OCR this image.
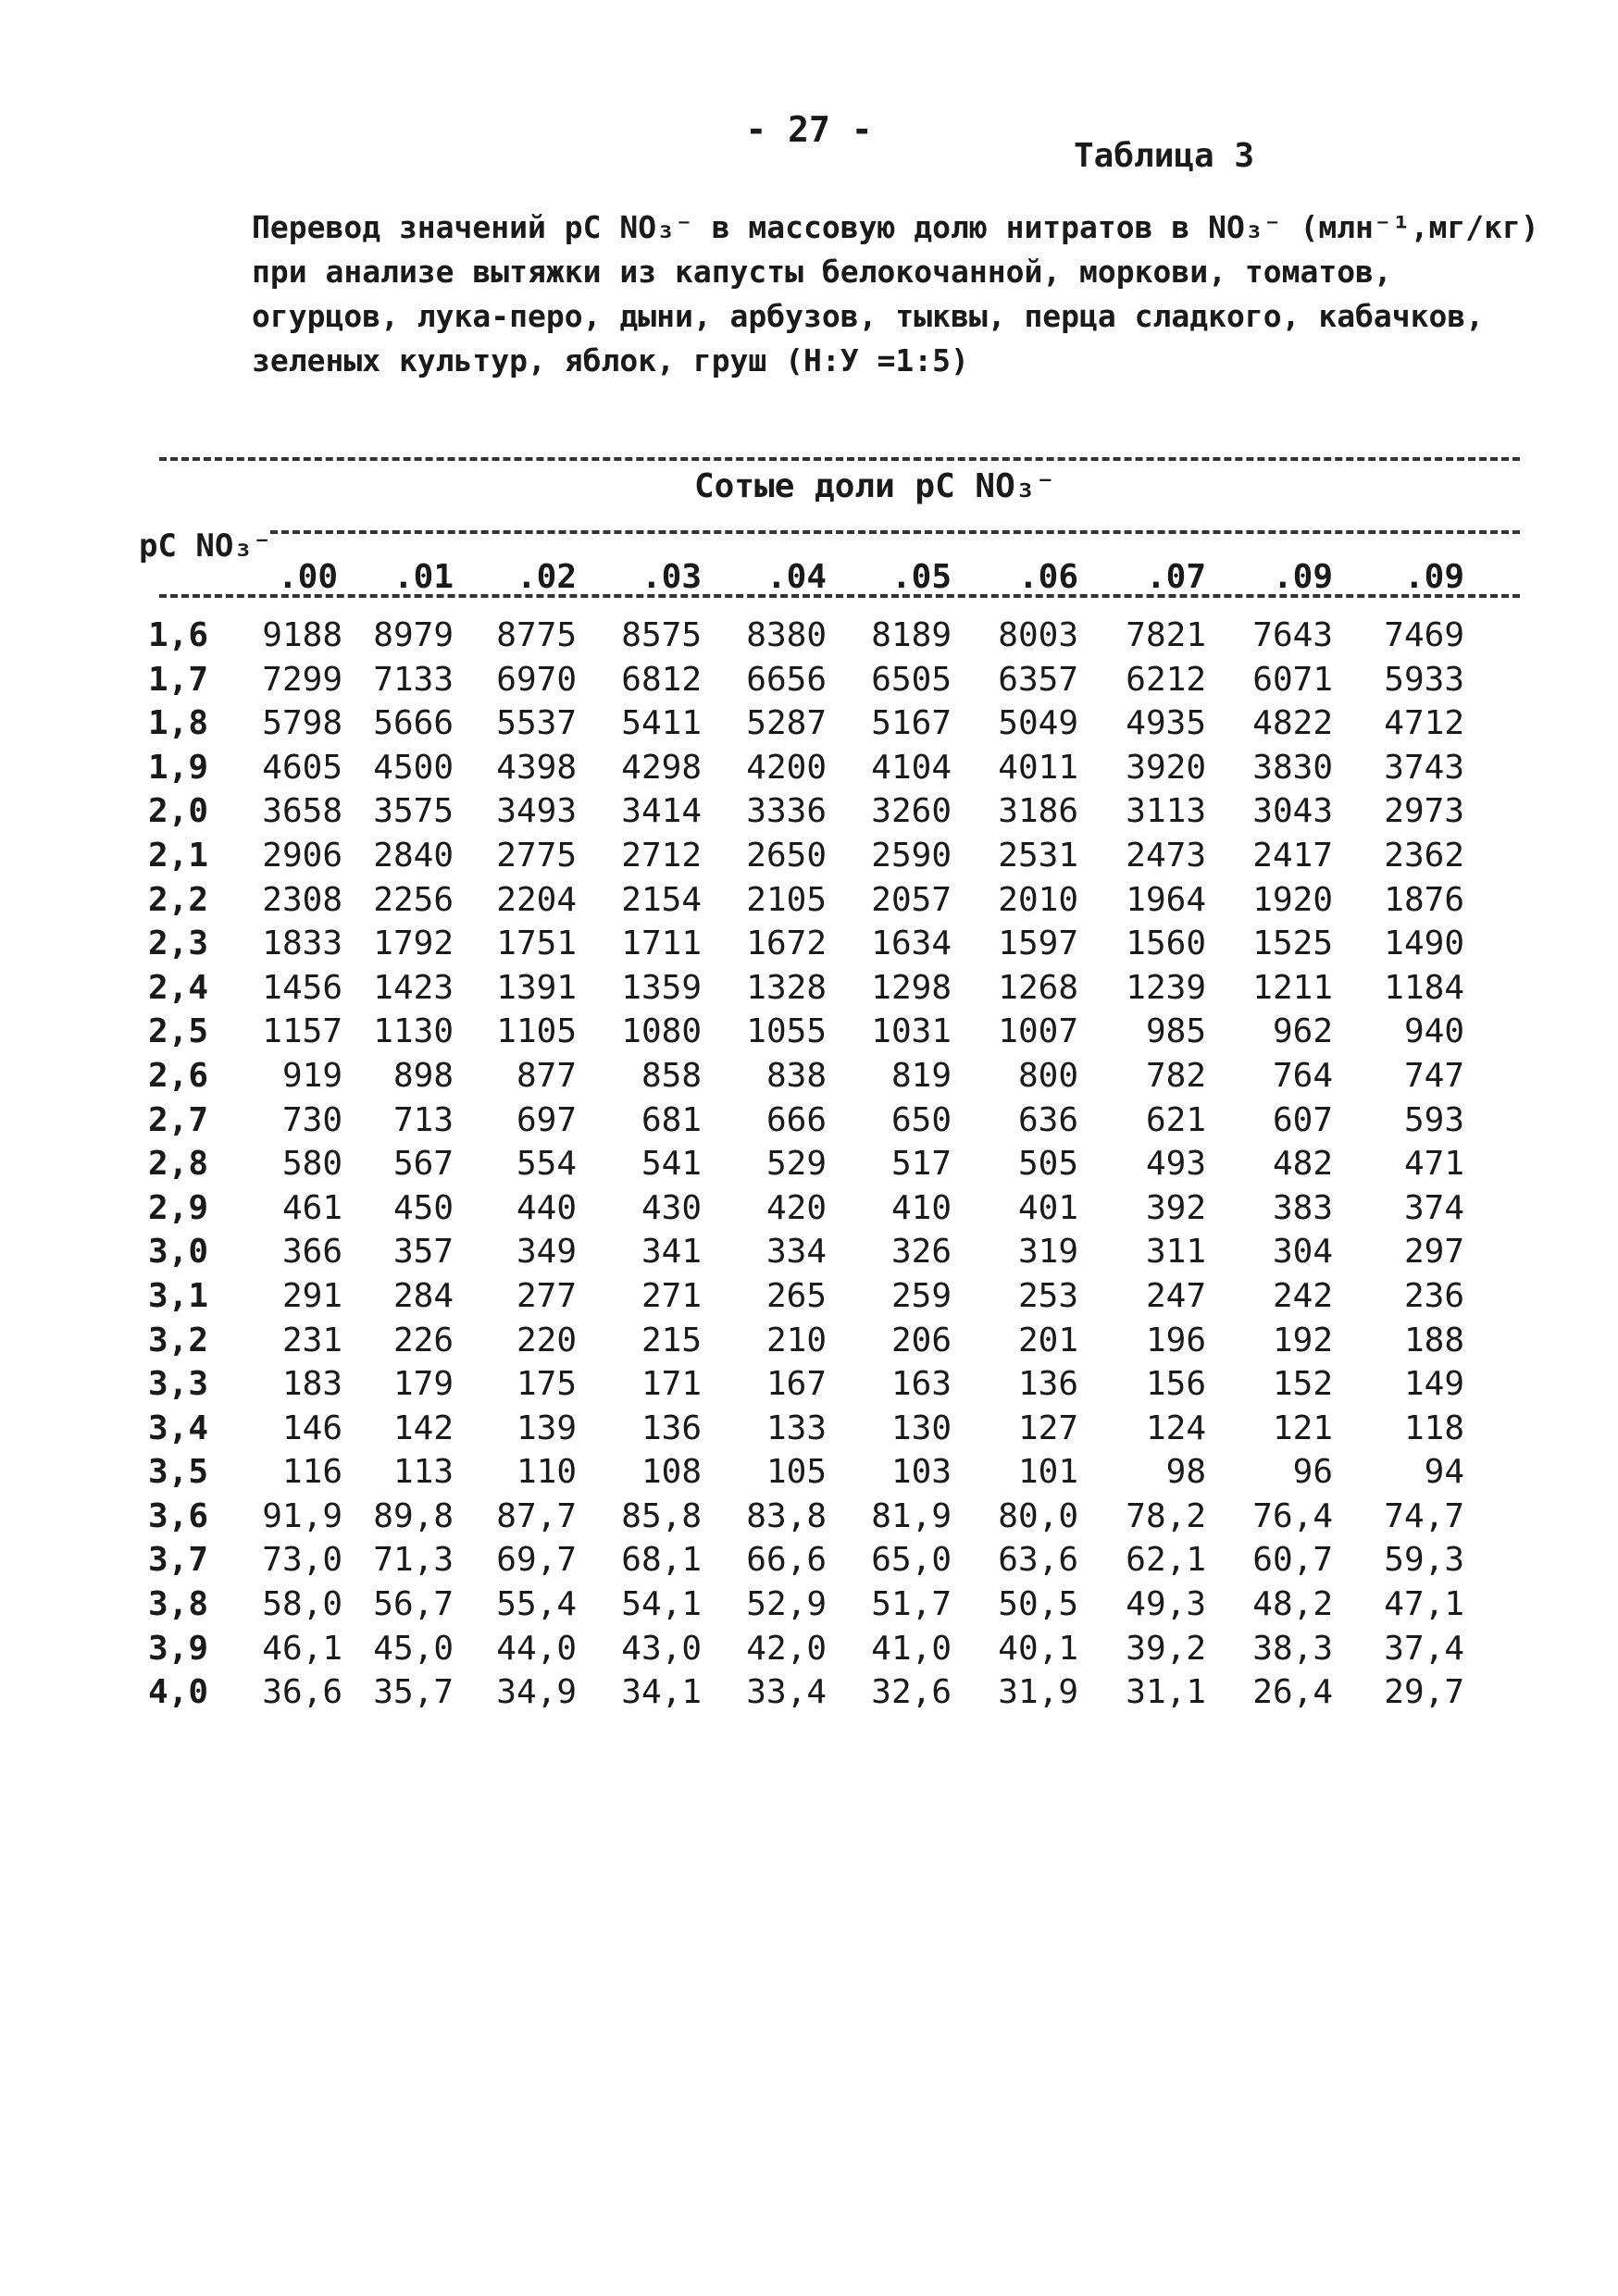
- 27 -
Таблица 3
Перевод значений pC NO₃⁻ в массовую долю нитратов в NO₃⁻ (млн⁻¹,мг/кг)
при анализе вытяжки из капусты белокочанной, моркови, томатов,
огурцов, лука-перо, дыни, арбузов, тыквы, перца сладкого, кабачков,
зеленых культур, яблок, груш (Н:У =1:5)
Сотые доли pC NO₃⁻
pC NO₃⁻
.00	.01	.02	.03	.04	.05	.06	.07	.09	.09
1,6	9188 8979	8775	8575	8380	8189	8003	7821	7643	7469
1,7	7299 7133	6970	6812	6656	6505	6357	6212	6071	5933
1,8	5798 5666	5537	5411	5287	5167	5049	4935	4822	4712
1,9	4605 4500	4398	4298	4200	4104	4011	3920	3830	3743
2,0	3658 3575	3493	3414	3336	3260	3186	3113	3043	2973
2,1	2906 2840	2775	2712	2650	2590	2531	2473	2417	2362
2,2	2308 2256	2204	2154	2105	2057	2010	1964	1920	1876
2,3	1833 1792	1751	1711	1672	1634	1597	1560	1525	1490
2,4	1456 1423	1391	1359	1328	1298	1268	1239	1211	1184
2,5	1157 1130	1105	1080	1055	1031	1007	985	962	940
2,6	919	898	877	858	838	819	800	782	764	747
2,7	730	713	697	681	666	650	636	621	607	593
2,8	580	567	554	541	529	517	505	493	482	471
2,9	461	450	440	430	420	410	401	392	383	374
3,0	366	357	349	341	334	326	319	311	304	297
3,1	291	284	277	271	265	259	253	247	242	236
3,2	231	226	220	215	210	206	201	196	192	188
3,3	183	179	175	171	167	163	136	156	152	149
3,4	146	142	139	136	133	130	127	124	121	118
3,5	116	113	110	108	105	103	101	98	96	94
3,6	91,9 89,8	87,7	85,8	83,8	81,9	80,0	78,2	76,4	74,7
3,7	73,0 71,3	69,7	68,1	66,6	65,0	63,6	62,1	60,7	59,3
3,8	58,0 56,7	55,4	54,1	52,9	51,7	50,5	49,3	48,2	47,1
3,9	46,1 45,0	44,0	43,0	42,0	41,0	40,1	39,2	38,3	37,4
4,0	36,6 35,7	34,9	34,1	33,4	32,6	31,9	31,1	26,4	29,7
